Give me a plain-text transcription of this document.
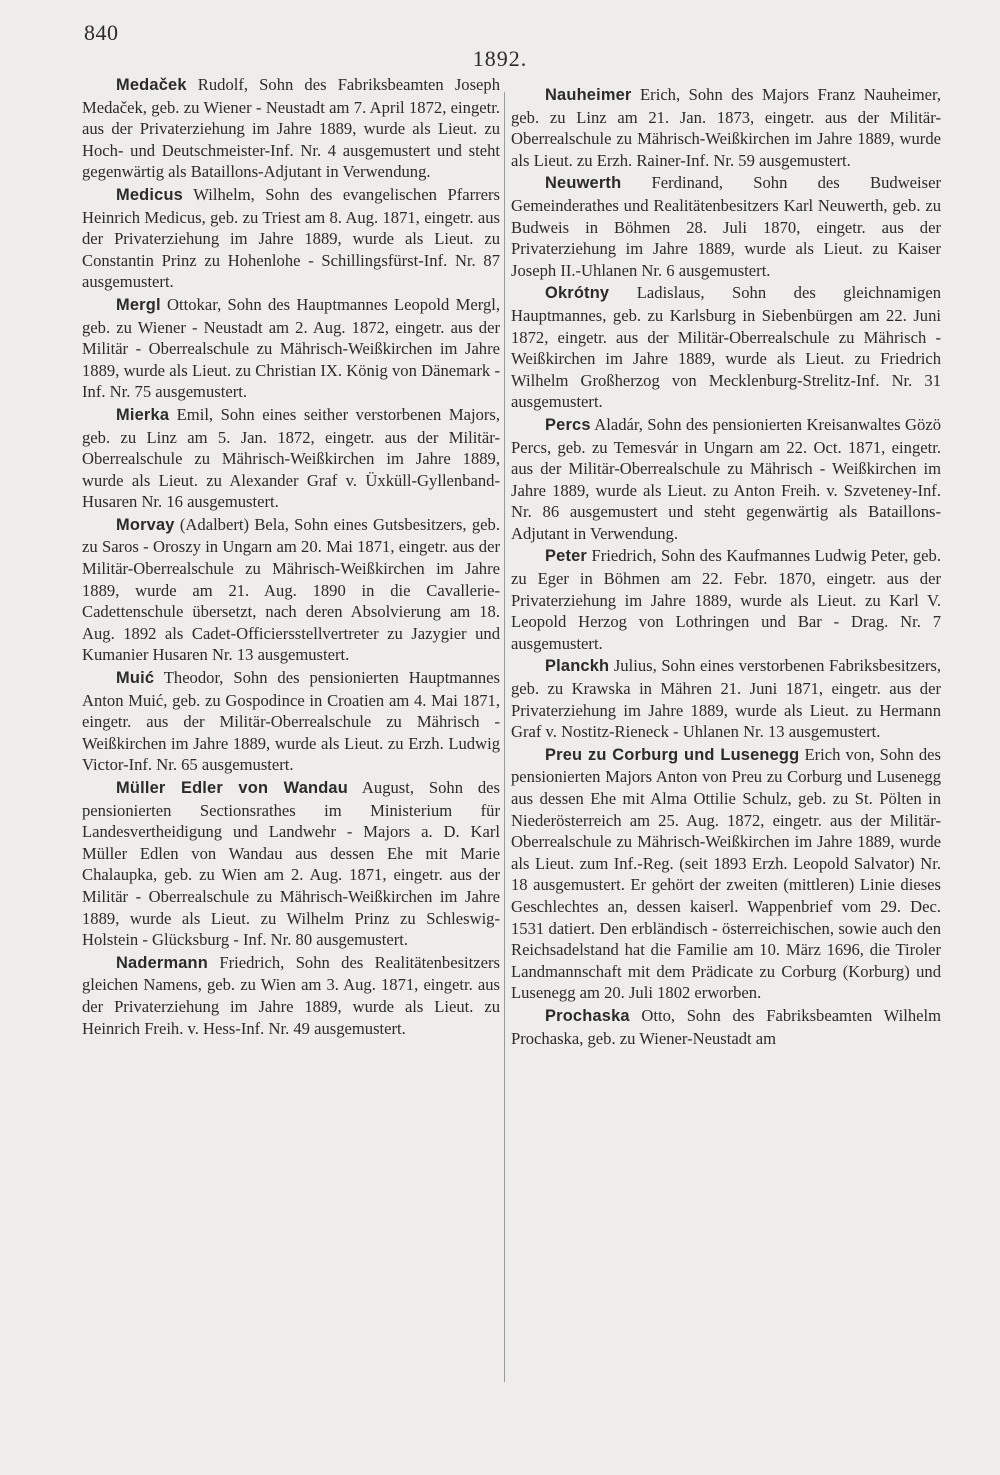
840
1892.

Medaček Rudolf, Sohn des Fabriksbeamten Joseph Medaček, geb. zu Wiener - Neustadt am 7. April 1872, eingetr. aus der Privaterziehung im Jahre 1889, wurde als Lieut. zu Hoch- und Deutschmeister-Inf. Nr. 4 ausgemustert und steht gegenwärtig als Bataillons-Adjutant in Verwendung.

Medicus Wilhelm, Sohn des evangelischen Pfarrers Heinrich Medicus, geb. zu Triest am 8. Aug. 1871, eingetr. aus der Privaterziehung im Jahre 1889, wurde als Lieut. zu Constantin Prinz zu Hohenlohe - Schillingsfürst-Inf. Nr. 87 ausgemustert.

Mergl Ottokar, Sohn des Hauptmannes Leopold Mergl, geb. zu Wiener - Neustadt am 2. Aug. 1872, eingetr. aus der Militär - Oberrealschule zu Mährisch-Weißkirchen im Jahre 1889, wurde als Lieut. zu Christian IX. König von Dänemark - Inf. Nr. 75 ausgemustert.

Mierka Emil, Sohn eines seither verstorbenen Majors, geb. zu Linz am 5. Jan. 1872, eingetr. aus der Militär-Oberrealschule zu Mährisch-Weißkirchen im Jahre 1889, wurde als Lieut. zu Alexander Graf v. Üxküll-Gyllenband-Husaren Nr. 16 ausgemustert.

Morvay (Adalbert) Bela, Sohn eines Gutsbesitzers, geb. zu Saros - Oroszy in Ungarn am 20. Mai 1871, eingetr. aus der Militär-Oberrealschule zu Mährisch-Weißkirchen im Jahre 1889, wurde am 21. Aug. 1890 in die Cavallerie-Cadettenschule übersetzt, nach deren Absolvierung am 18. Aug. 1892 als Cadet-Officiersstellvertreter zu Jazygier und Kumanier Husaren Nr. 13 ausgemustert.

Muić Theodor, Sohn des pensionierten Hauptmannes Anton Muić, geb. zu Gospodince in Croatien am 4. Mai 1871, eingetr. aus der Militär-Oberrealschule zu Mährisch - Weißkirchen im Jahre 1889, wurde als Lieut. zu Erzh. Ludwig Victor-Inf. Nr. 65 ausgemustert.

Müller Edler von Wandau August, Sohn des pensionierten Sectionsrathes im Ministerium für Landesvertheidigung und Landwehr - Majors a. D. Karl Müller Edlen von Wandau aus dessen Ehe mit Marie Chalaupka, geb. zu Wien am 2. Aug. 1871, eingetr. aus der Militär - Oberrealschule zu Mährisch-Weißkirchen im Jahre 1889, wurde als Lieut. zu Wilhelm Prinz zu Schleswig-Holstein - Glücksburg - Inf. Nr. 80 ausgemustert.

Nadermann Friedrich, Sohn des Realitätenbesitzers gleichen Namens, geb. zu Wien am 3. Aug. 1871, eingetr. aus der Privaterziehung im Jahre 1889, wurde als Lieut. zu Heinrich Freih. v. Hess-Inf. Nr. 49 ausgemustert.

Nauheimer Erich, Sohn des Majors Franz Nauheimer, geb. zu Linz am 21. Jan. 1873, eingetr. aus der Militär-Oberrealschule zu Mährisch-Weißkirchen im Jahre 1889, wurde als Lieut. zu Erzh. Rainer-Inf. Nr. 59 ausgemustert.

Neuwerth Ferdinand, Sohn des Budweiser Gemeinderathes und Realitätenbesitzers Karl Neuwerth, geb. zu Budweis in Böhmen 28. Juli 1870, eingetr. aus der Privaterziehung im Jahre 1889, wurde als Lieut. zu Kaiser Joseph II.-Uhlanen Nr. 6 ausgemustert.

Okrótny Ladislaus, Sohn des gleichnamigen Hauptmannes, geb. zu Karlsburg in Siebenbürgen am 22. Juni 1872, eingetr. aus der Militär-Oberrealschule zu Mährisch - Weißkirchen im Jahre 1889, wurde als Lieut. zu Friedrich Wilhelm Großherzog von Mecklenburg-Strelitz-Inf. Nr. 31 ausgemustert.

Percs Aladár, Sohn des pensionierten Kreisanwaltes Gözö Percs, geb. zu Temesvár in Ungarn am 22. Oct. 1871, eingetr. aus der Militär-Oberrealschule zu Mährisch - Weißkirchen im Jahre 1889, wurde als Lieut. zu Anton Freih. v. Szveteney-Inf. Nr. 86 ausgemustert und steht gegenwärtig als Bataillons-Adjutant in Verwendung.

Peter Friedrich, Sohn des Kaufmannes Ludwig Peter, geb. zu Eger in Böhmen am 22. Febr. 1870, eingetr. aus der Privaterziehung im Jahre 1889, wurde als Lieut. zu Karl V. Leopold Herzog von Lothringen und Bar - Drag. Nr. 7 ausgemustert.

Planckh Julius, Sohn eines verstorbenen Fabriksbesitzers, geb. zu Krawska in Mähren 21. Juni 1871, eingetr. aus der Privaterziehung im Jahre 1889, wurde als Lieut. zu Hermann Graf v. Nostitz-Rieneck - Uhlanen Nr. 13 ausgemustert.

Preu zu Corburg und Lusenegg Erich von, Sohn des pensionierten Majors Anton von Preu zu Corburg und Lusenegg aus dessen Ehe mit Alma Ottilie Schulz, geb. zu St. Pölten in Niederösterreich am 25. Aug. 1872, eingetr. aus der Militär-Oberrealschule zu Mährisch-Weißkirchen im Jahre 1889, wurde als Lieut. zum Inf.-Reg. (seit 1893 Erzh. Leopold Salvator) Nr. 18 ausgemustert. Er gehört der zweiten (mittleren) Linie dieses Geschlechtes an, dessen kaiserl. Wappenbrief vom 29. Dec. 1531 datiert. Den erbländisch - österreichischen, sowie auch den Reichsadelstand hat die Familie am 10. März 1696, die Tiroler Landmannschaft mit dem Prädicate zu Corburg (Korburg) und Lusenegg am 20. Juli 1802 erworben.

Prochaska Otto, Sohn des Fabriksbeamten Wilhelm Prochaska, geb. zu Wiener-Neustadt am
